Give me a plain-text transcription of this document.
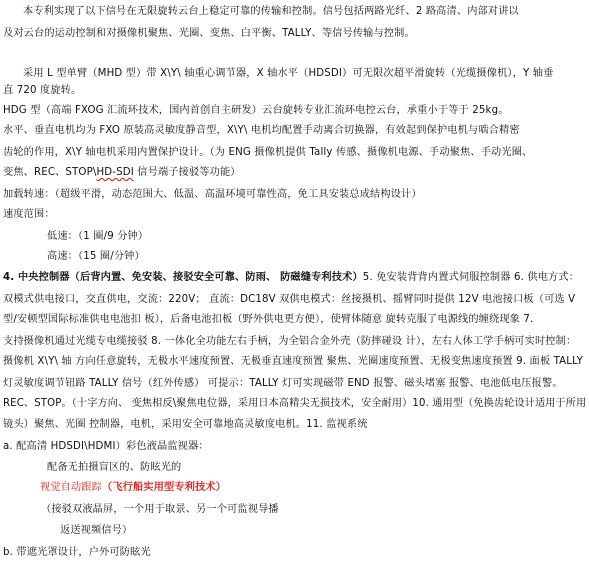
本专利实现了以下信号在无限旋转云台上稳定可靠的传输和控制。信号包括两路光纤、2 路高清、内部对讲以
及对云台的运动控制和对摄像机聚焦、光圈、变焦、白平衡、TALLY、等信号传输与控制。
采用 L 型单臂（MHD 型）带 X\Y\ 轴重心调节器，X 轴水平（HDSDI）可无限次超平滑旋转（光缆摄像机），Y 轴垂
直 720 度旋转。
HDG 型（高端 FXOG 汇流环技术，国内首创自主研发）云台旋转专业汇流环电控云台，承重小于等于 25kg。
水平、垂直电机均为 FXO 原装高灵敏度静音型，X\Y\ 电机均配置手动离合切换器，有效起到保护电机与啮合精密
齿轮的作用，X\Y 轴电机采用内置保护设计。（为 ENG 摄像机提供 Tally 传感、摄像机电源、手动聚焦、手动光圈、
变焦、REC、STOP\HD-SDI 信号端子接驳等功能）
加载转速：（超级平滑，动态范围大、低温、高温环境可靠性高，免工具安装总成结构设计）
速度范围：
低速：（1 圈/9 分钟）
高速：（15 圈/分钟）
4. 中央控制器（后背内置、免安装、接驳安全可靠、防雨、 防磁缝专利技术）5. 免安装背背内置式伺服控制器 6. 供电方式：
双模式供电接口，交直供电，交流：220V； 直流：DC18V 双供电模式：丝接摄机、摇臂同时提供 12V 电池接口板（可选 V
型/安顿型国际标准供电电池扣 板），后备电池扣板（野外供电更方便），使臂体随意 旋转克服了电源线的缠绕现象 7.
支持摄像机通过光缆专电缆接驳 8. 一体化全功能左右手柄，为全铝合金外壳（防摔碰设 计），左右人体工学手柄可实时控制：
摄像机 X\Y\ 轴 方向任意旋转，无极水平速度预置、无极垂直速度预置 聚焦、光圈速度预置、无极变焦速度预置 9. 面板 TALLY
灯灵敏度调节钮路 TALLY 信号（红外传感） 可提示：TALLY 灯可实现磁带 END 报警、磁头堵塞 报警、电池低电压报警。
REC、STOP。（十字方向、 变焦相反\聚焦电位器，采用日本高精尖无损技术，安全耐用）10. 通用型（免换齿轮设计适用于所用
镜头）聚焦、光圈 控制器，电机，采用安全可靠地高灵敏度电机。11. 监视系统
a. 配高清 HDSDI\HDMI）彩色液晶监视器：
配备无拍摄盲区的、防眩光的
视觉自动跟踪（飞行船实用型专利技术）
（接驳双液晶屏，一个用于取景、另一个可监视导播
返送视频信号）
b. 带遮光罩设计，户外可防眩光
